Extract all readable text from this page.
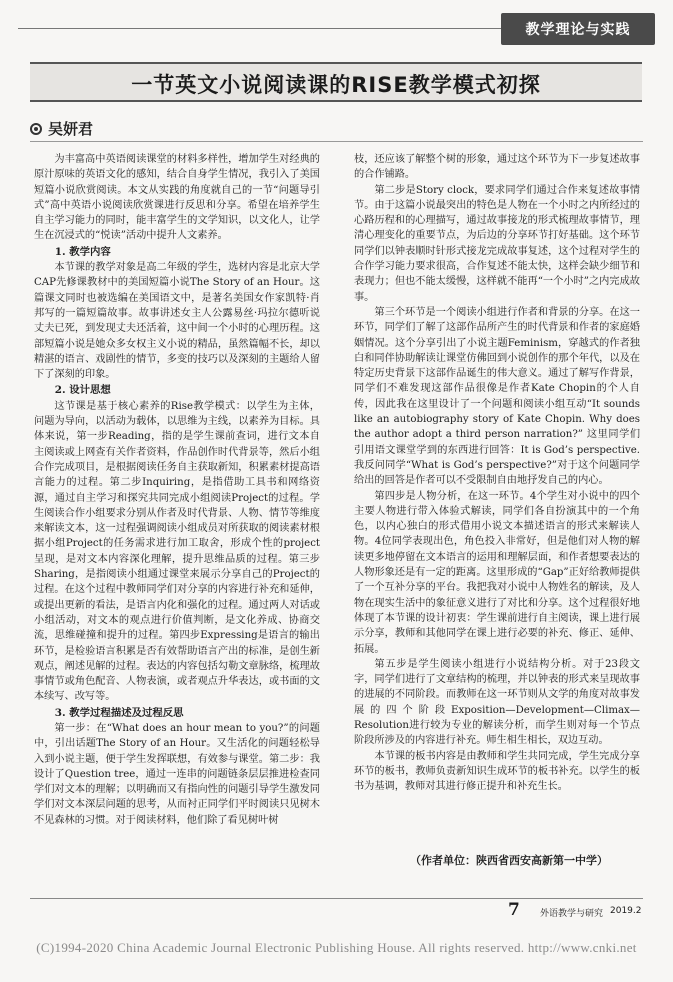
教学理论与实践
一节英文小说阅读课的RISE教学模式初探
吴妍君

为丰富高中英语阅读课堂的材料多样性，增加学生对经典的原汁原味的英语文化的感知，结合自身学生情况，我引入了美国短篇小说欣赏阅读。本文从实践的角度就自己的一节“问题导引式”高中英语小说阅读欣赏课进行反思和分享。希望在培养学生自主学习能力的同时，能丰富学生的文学知识，以文化人，让学生在沉浸式的“悦读”活动中提升人文素养。

1. 教学内容

本节课的教学对象是高二年级的学生，选材内容是北京大学CAP先修课教材中的美国短篇小说The Story of an Hour。这篇课文同时也被选编在美国语文中，是著名美国女作家凯特·肖邦写的一篇短篇故事。故事讲述女主人公露易丝·玛拉尔德听说丈夫已死，到发现丈夫还活着，这中间一个小时的心理历程。这部短篇小说是她众多女权主义小说的精品，虽然篇幅不长，却以精湛的语言、戏剧性的情节，多变的技巧以及深刻的主题给人留下了深刻的印象。

2. 设计思想

这节课是基于核心素养的Rise教学模式：以学生为主体，问题为导向，以活动为载体，以思维为主线，以素养为目标。具体来说，第一步Reading，指的是学生课前查词，进行文本自主阅读或上网查有关作者资料，作品创作时代背景等，然后小组合作完成项目，是根据阅读任务自主获取新知，积累素材提高语言能力的过程。第二步Inquiring，是指借助工具书和网络资源，通过自主学习和探究共同完成小组阅读Project的过程。学生阅读合作小组要求分别从作者及时代背景、人物、情节等维度来解读文本，这一过程强调阅读小组成员对所获取的阅读素材根据小组Project的任务需求进行加工取舍，形成个性的project呈现，是对文本内容深化理解，提升思维品质的过程。第三步Sharing，是指阅读小组通过课堂来展示分享自己的Project的过程。在这个过程中教师同学们对分享的内容进行补充和延伸，或提出更新的看法，是语言内化和强化的过程。通过两人对话或小组活动，对文本的观点进行价值判断，是文化养成、协商交流，思维碰撞和提升的过程。第四步Expressing是语言的输出环节，是检验语言积累是否有效帮助语言产出的标准，是创生新观点，阐述见解的过程。表达的内容包括勾勒文章脉络，梳理故事情节或角色配音、人物表演，或者观点升华表达，或书面的文本续写、改写等。

3. 教学过程描述及过程反思

第一步：在“What does an hour mean to you?”的问题中，引出话题The Story of an Hour。又生活化的问题轻松导入到小说主题，便于学生发挥联想，有效参与课堂。第二步：我设计了Question tree，通过一连串的问题链条层层推进检查同学们对文本的理解；以明确而又有指向性的问题引导学生激发同学们对文本深层问题的思考，从而衬正同学们平时阅读只见树木不见森林的习惯。对于阅读材料，他们除了看见树叶树

枝，还应该了解整个树的形象，通过这个环节为下一步复述故事的合作铺路。

第二步是Story clock，要求同学们通过合作来复述故事情节。由于这篇小说最突出的特色是人物在一个小时之内所经过的心路历程和的心理描写，通过故事接龙的形式梳理故事情节，理清心理变化的重要节点，为后边的分享环节打好基础。这个环节同学们以钟表顺时针形式接龙完成故事复述，这个过程对学生的合作学习能力要求很高，合作复述不能太快，这样会缺少细节和表现力；但也不能太缓慢，这样就不能再“一个小时”之内完成故事。

第三个环节是一个阅读小组进行作者和背景的分享。在这一环节，同学们了解了这部作品所产生的时代背景和作者的家庭婚姻情况。这个分享引出了小说主题Feminism，穿越式的作者独白和同伴协助解读让课堂仿佛回到小说创作的那个年代，以及在特定历史背景下这部作品诞生的伟大意义。通过了解写作背景，同学们不难发现这部作品很像是作者Kate Chopin的个人自传，因此我在这里设计了一个问题和阅读小组互动“It sounds like an autobiography story of Kate Chopin. Why does the author adopt a third person narration?” 这里同学们引用语文课堂学到的东西进行回答：It is God’s perspective. 我反问同学“What is God’s perspective?”对于这个问题同学给出的回答是作者可以不受限制自由地抒发自己的内心。

第四步是人物分析，在这一环节。4个学生对小说中的四个主要人物进行带入体验式解读，同学们各自扮演其中的一个角色，以内心独白的形式借用小说文本描述语言的形式来解读人物。4位同学表现出色，角色投入非常好，但是他们对人物的解读更多地停留在文本语言的运用和理解层面，和作者想要表达的人物形象还是有一定的距离。这里形成的“Gap”正好给教师提供了一个互补分享的平台。我把我对小说中人物姓名的解读，及人物在现实生活中的象征意义进行了对比和分享。这个过程很好地体现了本节课的设计初衷：学生课前进行自主阅读，课上进行展示分享，教师和其他同学在课上进行必要的补充、修正、延伸、拓展。

第五步是学生阅读小组进行小说结构分析。对于23段文字，同学们进行了文章结构的梳理，并以钟表的形式来呈现故事的进展的不同阶段。而教师在这一环节则从文学的角度对故事发展的四个阶段Exposition—Development—Climax—Resolution进行较为专业的解读分析，而学生则对每一个节点阶段所涉及的内容进行补充。师生相生相长，双边互动。

本节课的板书内容是由教师和学生共同完成，学生完成分享环节的板书，教师负责新知识生成环节的板书补充。以学生的板书为基调，教师对其进行修正提升和补充生长。

（作者单位：陕西省西安高新第一中学）
7 外语教学与研究 2019.2
(C)1994-2020 China Academic Journal Electronic Publishing House. All rights reserved. http://www.cnki.net
